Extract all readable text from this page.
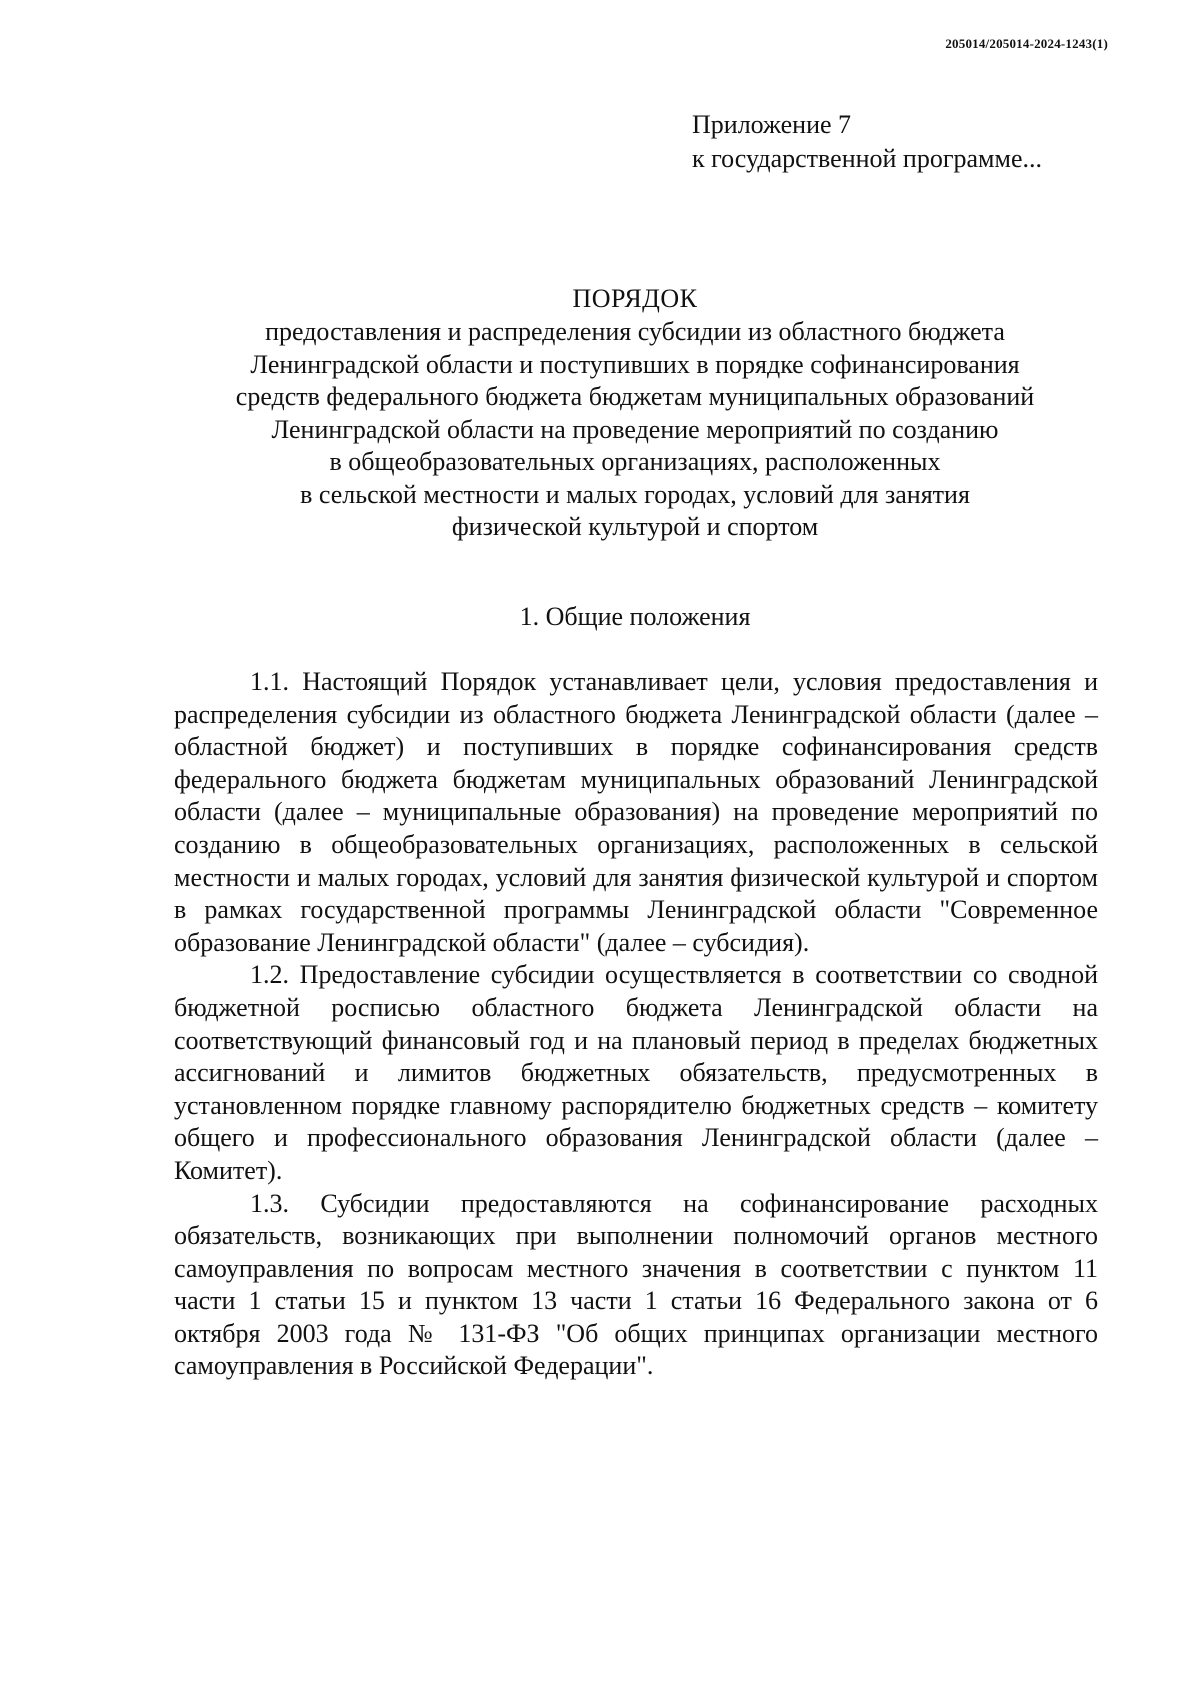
205014/205014-2024-1243(1)
Приложение 7
к государственной программе...
ПОРЯДОК
предоставления и распределения субсидии из областного бюджета
Ленинградской области и поступивших в порядке софинансирования
средств федерального бюджета бюджетам муниципальных образований
Ленинградской области на проведение мероприятий по созданию
в общеобразовательных организациях, расположенных
в сельской местности и малых городах, условий для занятия
физической культурой и спортом
1. Общие положения

1.1. Настоящий Порядок устанавливает цели, условия предоставления и распределения субсидии из областного бюджета Ленинградской области (далее – областной бюджет) и поступивших в порядке софинансирования средств федерального бюджета бюджетам муниципальных образований Ленинградской области (далее – муниципальные образования) на проведение мероприятий по созданию в общеобразовательных организациях, расположенных в сельской местности и малых городах, условий для занятия физической культурой и спортом в рамках государственной программы Ленинградской области "Современное образование Ленинградской области" (далее – субсидия).

1.2. Предоставление субсидии осуществляется в соответствии со сводной бюджетной росписью областного бюджета Ленинградской области на соответствующий финансовый год и на плановый период в пределах бюджетных ассигнований и лимитов бюджетных обязательств, предусмотренных в установленном порядке главному распорядителю бюджетных средств – комитету общего и профессионального образования Ленинградской области (далее – Комитет).

1.3. Субсидии предоставляются на софинансирование расходных обязательств, возникающих при выполнении полномочий органов местного самоуправления по вопросам местного значения в соответствии с пунктом 11 части 1 статьи 15 и пунктом 13 части 1 статьи 16 Федерального закона от 6 октября 2003 года № 131-ФЗ "Об общих принципах организации местного самоуправления в Российской Федерации".
